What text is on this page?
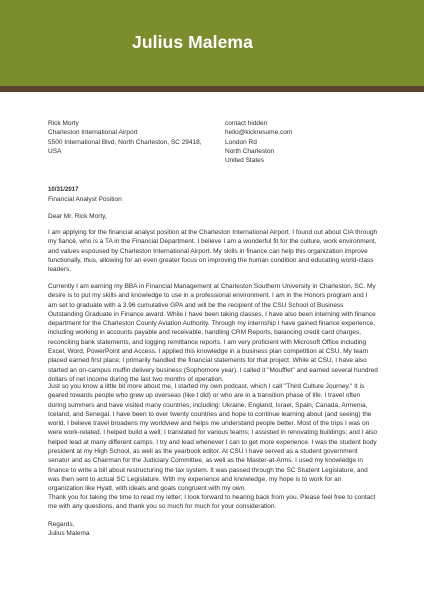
Julius Malema
Rick Morty
Charleston International Airport
5500 International Blvd, North Charleston, SC 29418,
USA
contact hidden
hello@kickresume.com
London Rd
North Charleston
United States
10/31/2017
Financial Analyst Position
Dear Mr. Rick Morty,

I am applying for the financial analyst position at the Charleston International Airport. I found out about CIA through my fiancé, who is a TA in the Financial Department. I believe I am a wonderful fit for the culture, work environment, and values espoused by Charleston International Airport. My skills in finance can help this organization improve functionally, thus, allowing for an even greater focus on improving the human condition and educating world-class leaders.

Currently I am earning my BBA in Financial Management at Charleston Southern University in Charleston, SC. My desire is to put my skills and knowledge to use in a professional environment. I am in the Honors program and I am set to graduate with a 3.96 cumulative GPA and will be the recipient of the CSU School of Business Outstanding Graduate in Finance award. While I have been taking classes, I have also been interning with finance department for the Charleston County Aviation Authority. Through my internship I have gained finance experience, including working in accounts payable and receivable, handling CRM Reports, balancing credit card charges, reconciling bank statements, and logging remittance reports. I am very proficient with Microsoft Office including Excel, Word, PowerPoint and Access. I applied this knowledge in a business plan competition at CSU. My team placed earned first place; I primarily handled the financial statements for that project. While at CSU, I have also started an on-campus muffin delivery business (Sophomore year). I called it "Moufflet" and earned several hundred dollars of net income during the last two months of operation.

Just so you know a little bit more about me, I started my own podcast, which I call "Third Culture Journey." It is geared towards people who grew up overseas (like I did) or who are in a transition phase of life. I travel often during summers and have visited many countries, including: Ukraine, England, Israel, Spain, Canada, Armenia, Iceland, and Senegal. I have been to over twenty countries and hope to continue learning about (and seeing) the world. I believe travel broadens my worldview and helps me understand people better. Most of the trips I was on were work-related. I helped build a well; I translated for various teams; I assisted in renovating buildings; and I also helped lead at many different camps. I try and lead whenever I can to get more experience. I was the student body president at my High School, as well as the yearbook editor. At CSU I have served as a student government senator and as Chairman for the Judiciary Committee, as well as the Master-at-Arms. I used my knowledge in finance to write a bill about restructuring the tax system. It was passed through the SC Student Legislature, and was then sent to actual SC Legislature. With my experience and knowledge, my hope is to work for an organization like Hyatt, with ideals and goals congruent with my own.

Thank you for taking the time to read my letter; I look forward to hearing back from you. Please feel free to contact me with any questions, and thank you so much for much for your consideration.

Regards,
Julius Malema
